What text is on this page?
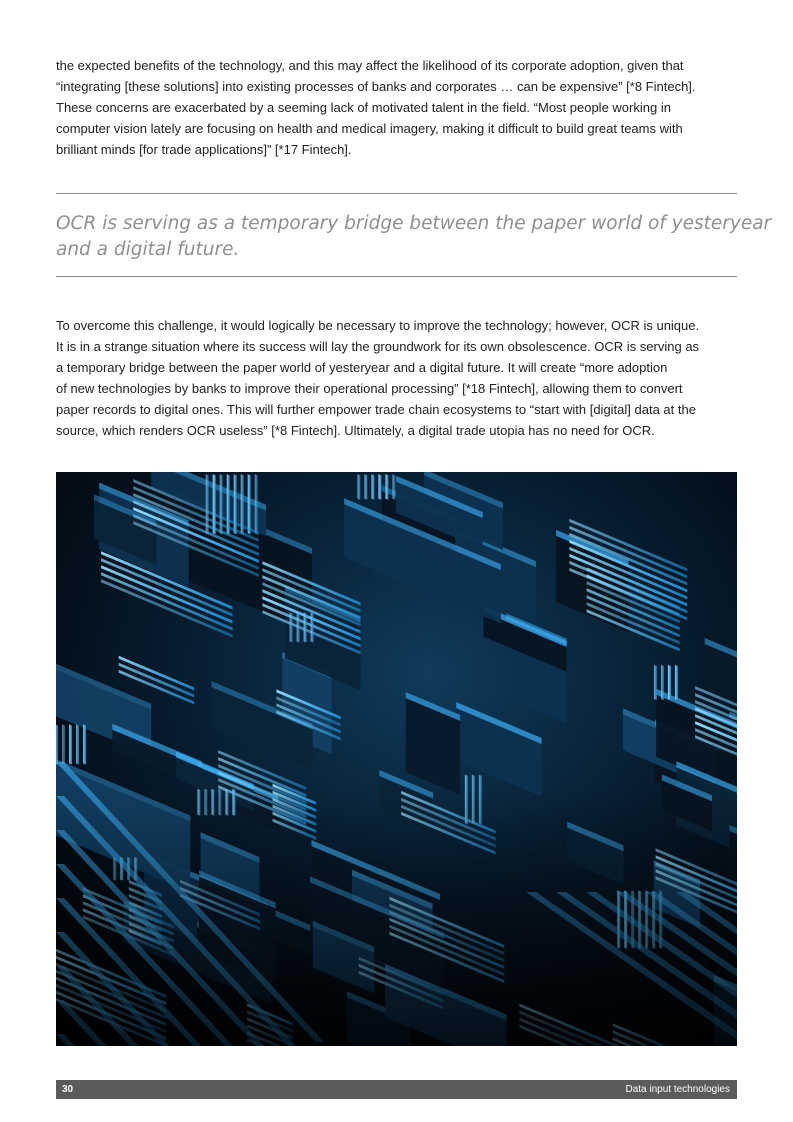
the expected benefits of the technology, and this may affect the likelihood of its corporate adoption, given that
“integrating [these solutions] into existing processes of banks and corporates … can be expensive” [*8 Fintech].
These concerns are exacerbated by a seeming lack of motivated talent in the field. “Most people working in
computer vision lately are focusing on health and medical imagery, making it difficult to build great teams with
brilliant minds [for trade applications]” [*17 Fintech].

OCR is serving as a temporary bridge between the paper world of yesteryear
and a digital future.

To overcome this challenge, it would logically be necessary to improve the technology; however, OCR is unique.
It is in a strange situation where its success will lay the groundwork for its own obsolescence. OCR is serving as
a temporary bridge between the paper world of yesteryear and a digital future. It will create “more adoption
of new technologies by banks to improve their operational processing” [*18 Fintech], allowing them to convert
paper records to digital ones. This will further empower trade chain ecosystems to “start with [digital] data at the
source, which renders OCR useless” [*8 Fintech]. Ultimately, a digital trade utopia has no need for OCR.

30	Data input technologies
